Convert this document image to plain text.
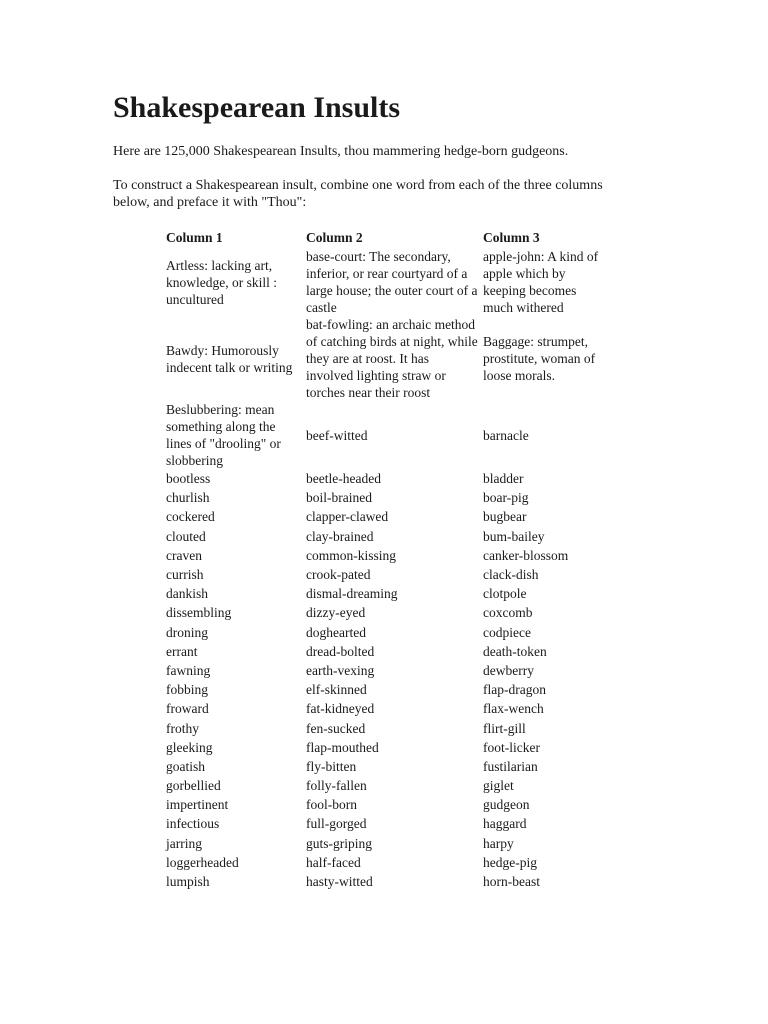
Shakespearean Insults

Here are 125,000 Shakespearean Insults, thou mammering hedge-born gudgeons.

To construct a Shakespearean insult, combine one word from each of the three columns below, and preface it with "Thou":

Column 1	Column 2	Column 3
Artless: lacking art, knowledge, or skill : uncultured	base-court: The secondary, inferior, or rear courtyard of a large house; the outer court of a castle	apple-john: A kind of apple which by keeping becomes much withered
Bawdy: Humorously indecent talk or writing	bat-fowling: an archaic method of catching birds at night, while they are at roost. It has involved lighting straw or torches near their roost	Baggage: strumpet, prostitute, woman of loose morals.
Beslubbering: mean something along the lines of "drooling" or slobbering	beef-witted	barnacle
bootless	beetle-headed	bladder
churlish	boil-brained	boar-pig
cockered	clapper-clawed	bugbear
clouted	clay-brained	bum-bailey
craven	common-kissing	canker-blossom
currish	crook-pated	clack-dish
dankish	dismal-dreaming	clotpole
dissembling	dizzy-eyed	coxcomb
droning	doghearted	codpiece
errant	dread-bolted	death-token
fawning	earth-vexing	dewberry
fobbing	elf-skinned	flap-dragon
froward	fat-kidneyed	flax-wench
frothy	fen-sucked	flirt-gill
gleeking	flap-mouthed	foot-licker
goatish	fly-bitten	fustilarian
gorbellied	folly-fallen	giglet
impertinent	fool-born	gudgeon
infectious	full-gorged	haggard
jarring	guts-griping	harpy
loggerheaded	half-faced	hedge-pig
lumpish	hasty-witted	horn-beast
